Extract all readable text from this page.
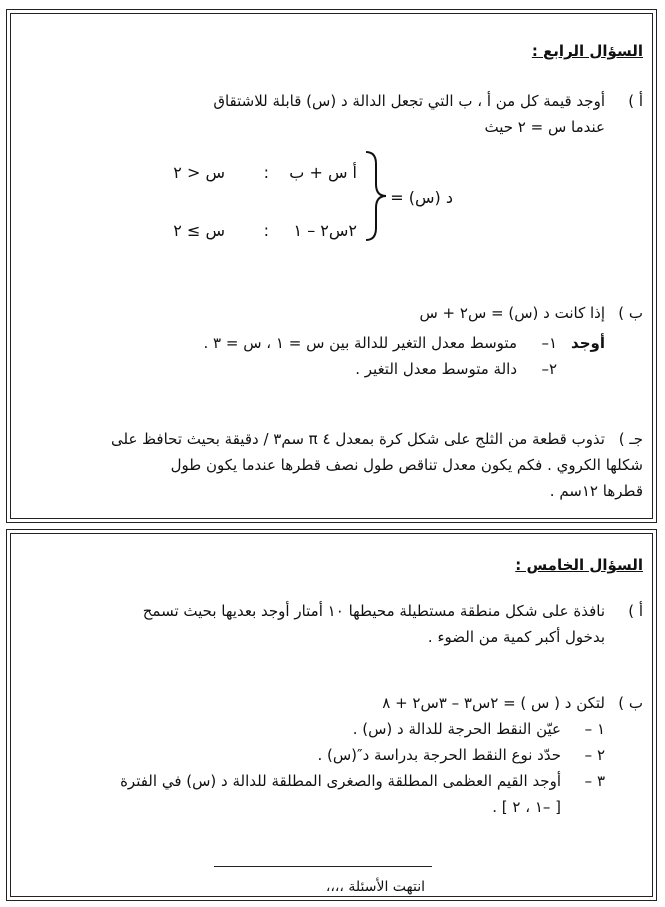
السؤال الرابع :
أ )
أوجد قيمة كل من أ ، ب التي تجعل الدالة د (س) قابلة للاشتقاق
عندما س = ٢ حيث
د (س) =
أ س + ب
:
س < ٢
٢س٢ – ١
:
س ≥ ٢
ب )
إذا كانت د (س) = س٢ + س
أوجد
١–
متوسط معدل التغير للدالة بين س = ١ ، س = ٣ .
٢–
دالة متوسط معدل التغير .
جـ )
تذوب قطعة من الثلج على شكل كرة بمعدل ٤ π سم٣ / دقيقة بحيث تحافظ على
شكلها الكروي . فكم يكون معدل تناقص طول نصف قطرها عندما يكون طول
قطرها ١٢سم .
السؤال الخامس :
أ )
نافذة على شكل منطقة مستطيلة محيطها ١٠ أمتار أوجد بعديها بحيث تسمح
بدخول أكبر كمية من الضوء .
ب )
لتكن د ( س ) = ٢س٣ – ٣س٢ + ٨
١ –
عيّن النقط الحرجة للدالة د (س) .
٢ –
حدّد نوع النقط الحرجة بدراسة د″(س) .
٣ –
أوجد القيم العظمى المطلقة والصغرى المطلقة للدالة د (س) في الفترة
[ –١ ، ٢ ] .
انتهت الأسئلة ،،،،
